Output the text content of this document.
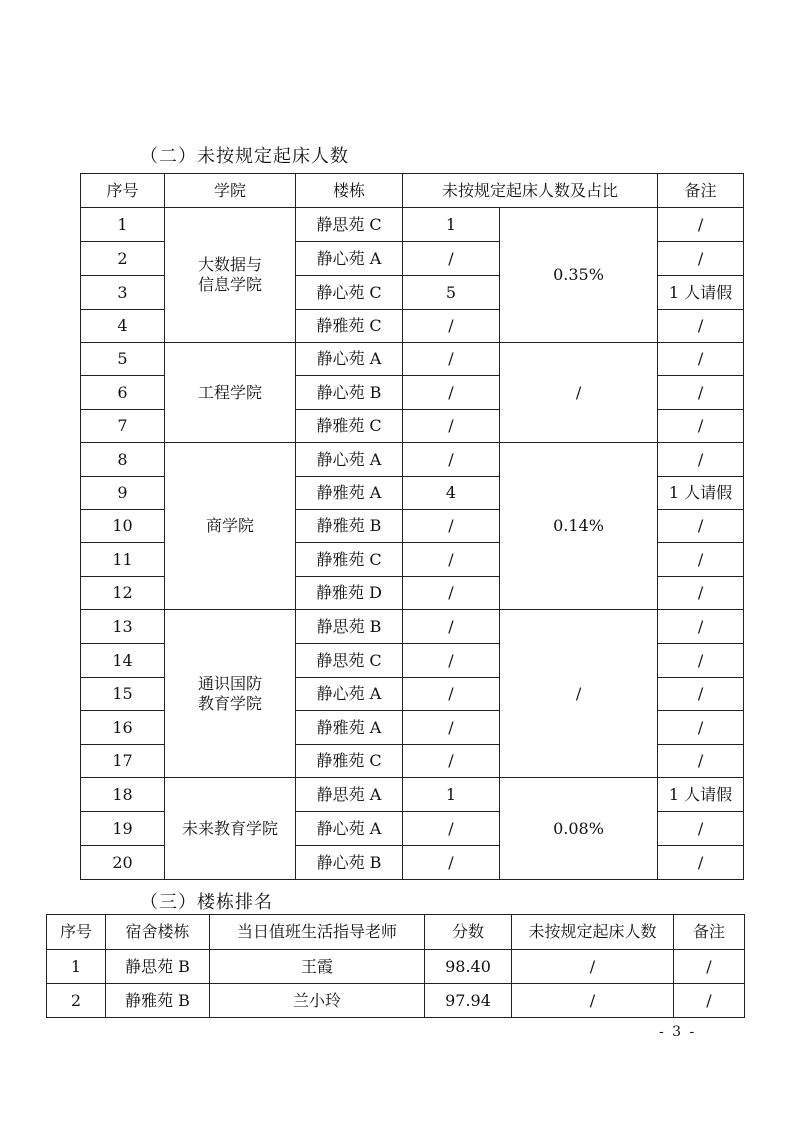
（二）未按规定起床人数
序号	学院	楼栋	未按规定起床人数及占比		备注
1	大数据与
信息学院	静思苑 C	1	0.35%	/
2		静心苑 A	/		/
3		静心苑 C	5		1 人请假
4		静雅苑 C	/		/
5	工程学院	静心苑 A	/	/	/
6		静心苑 B	/		/
7		静雅苑 C	/		/
8	商学院	静心苑 A	/	0.14%	/
9		静雅苑 A	4		1 人请假
10		静雅苑 B	/		/
11		静雅苑 C	/		/
12		静雅苑 D	/		/
13	通识国防
教育学院	静思苑 B	/	/	/
14		静思苑 C	/		/
15		静心苑 A	/		/
16		静雅苑 A	/		/
17		静雅苑 C	/		/
18	未来教育学院	静思苑 A	1	0.08%	1 人请假
19		静心苑 A	/		/
20		静心苑 B	/		/
（三）楼栋排名
序号	宿舍楼栋	当日值班生活指导老师	分数	未按规定起床人数	备注
1	静思苑 B	王霞	98.40	/	/
2	静雅苑 B	兰小玲	97.94	/	/
- 3 -
